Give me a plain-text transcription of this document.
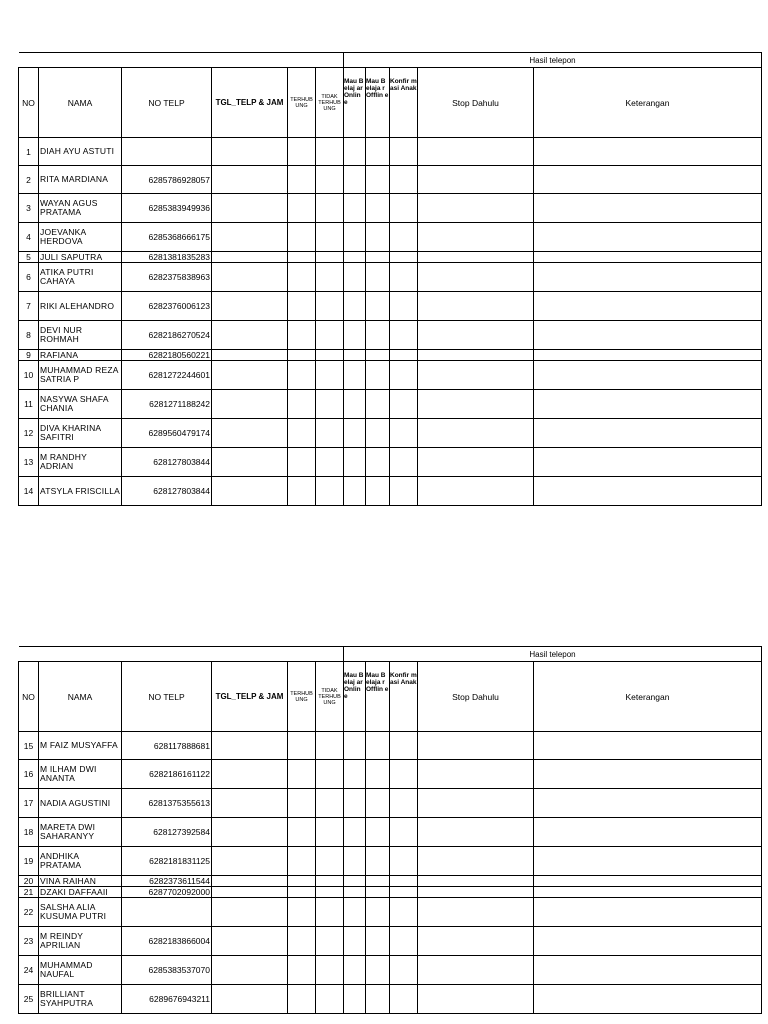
						Hasil telepon				
NO	NAMA	NO TELP	TGL_TELP & JAM	TERHUB UNG	TIDAK TERHUB UNG	Mau Belaj ar Onlin e	Mau Belaja r Offlin e	Konfir masi Anak	Stop Dahulu	Keterangan
1	DIAH AYU ASTUTI									
2	RITA MARDIANA	6285786928057								
3	WAYAN AGUS PRATAMA	6285383949936								
4	JOEVANKA HERDOVA	6285368666175								
5	JULI SAPUTRA	6281381835283								
6	ATIKA PUTRI CAHAYA	6282375838963								
7	RIKI ALEHANDRO	6282376006123								
8	DEVI NUR ROHMAH	6282186270524								
9	RAFIANA	6282180560221								
10	MUHAMMAD REZA SATRIA P	6281272244601								
11	NASYWA SHAFA CHANIA	6281271188242								
12	DIVA KHARINA SAFITRI	6289560479174								
13	M RANDHY ADRIAN	628127803844								
14	ATSYLA FRISCILLA	628127803844								
						Hasil telepon				
NO	NAMA	NO TELP	TGL_TELP & JAM	TERHUB UNG	TIDAK TERHUB UNG	Mau Belaj ar Onlin e	Mau Belaja r Offlin e	Konfir masi Anak	Stop Dahulu	Keterangan
15	M FAIZ MUSYAFFA	628117888681								
16	M ILHAM DWI ANANTA	6282186161122								
17	NADIA AGUSTINI	6281375355613								
18	MARETA DWI SAHARANYY	628127392584								
19	ANDHIKA PRATAMA	6282181831125								
20	VINA RAIHAN	6282373611544								
21	DZAKI DAFFAAII	6287702092000								
22	SALSHA ALIA KUSUMA PUTRI									
23	M REINDY APRILIAN	6282183866004								
24	MUHAMMAD NAUFAL	6285383537070								
25	BRILLIANT SYAHPUTRA	6289676943211								
